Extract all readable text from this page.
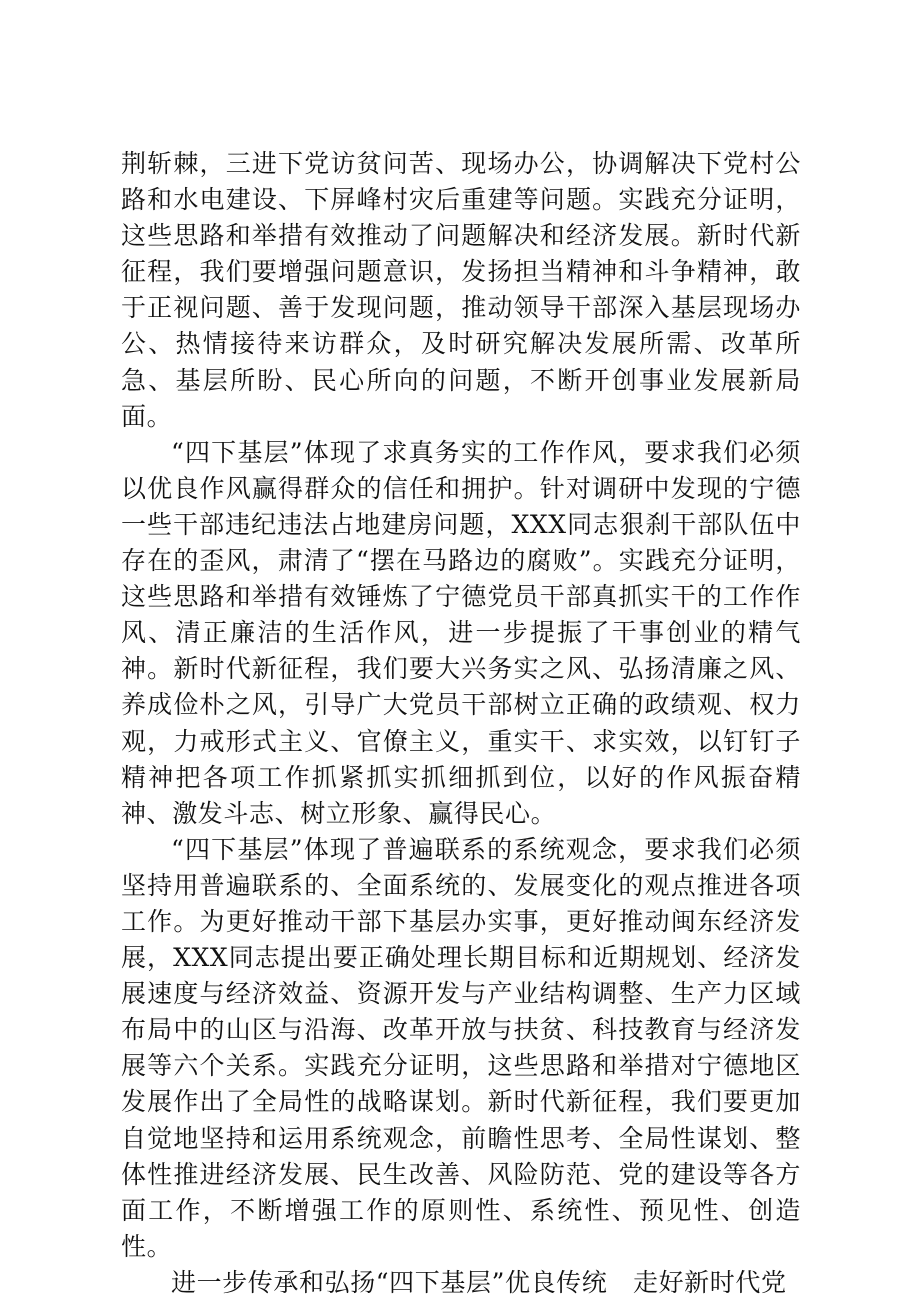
荆斩棘，三进下党访贫问苦、现场办公，协调解决下党村公路和水电建设、下屏峰村灾后重建等问题。实践充分证明，这些思路和举措有效推动了问题解决和经济发展。新时代新征程，我们要增强问题意识，发扬担当精神和斗争精神，敢于正视问题、善于发现问题，推动领导干部深入基层现场办公、热情接待来访群众，及时研究解决发展所需、改革所急、基层所盼、民心所向的问题，不断开创事业发展新局面。

“四下基层”体现了求真务实的工作作风，要求我们必须以优良作风赢得群众的信任和拥护。针对调研中发现的宁德一些干部违纪违法占地建房问题，XXX同志狠刹干部队伍中存在的歪风，肃清了“摆在马路边的腐败”。实践充分证明，这些思路和举措有效锤炼了宁德党员干部真抓实干的工作作风、清正廉洁的生活作风，进一步提振了干事创业的精气神。新时代新征程，我们要大兴务实之风、弘扬清廉之风、养成俭朴之风，引导广大党员干部树立正确的政绩观、权力观，力戒形式主义、官僚主义，重实干、求实效，以钉钉子精神把各项工作抓紧抓实抓细抓到位，以好的作风振奋精神、激发斗志、树立形象、赢得民心。

“四下基层”体现了普遍联系的系统观念，要求我们必须坚持用普遍联系的、全面系统的、发展变化的观点推进各项工作。为更好推动干部下基层办实事，更好推动闽东经济发展，XXX同志提出要正确处理长期目标和近期规划、经济发展速度与经济效益、资源开发与产业结构调整、生产力区域布局中的山区与沿海、改革开放与扶贫、科技教育与经济发展等六个关系。实践充分证明，这些思路和举措对宁德地区发展作出了全局性的战略谋划。新时代新征程，我们要更加自觉地坚持和运用系统观念，前瞻性思考、全局性谋划、整体性推进经济发展、民生改善、风险防范、党的建设等各方面工作，不断增强工作的原则性、系统性、预见性、创造性。

进一步传承和弘扬“四下基层”优良传统　走好新时代党
